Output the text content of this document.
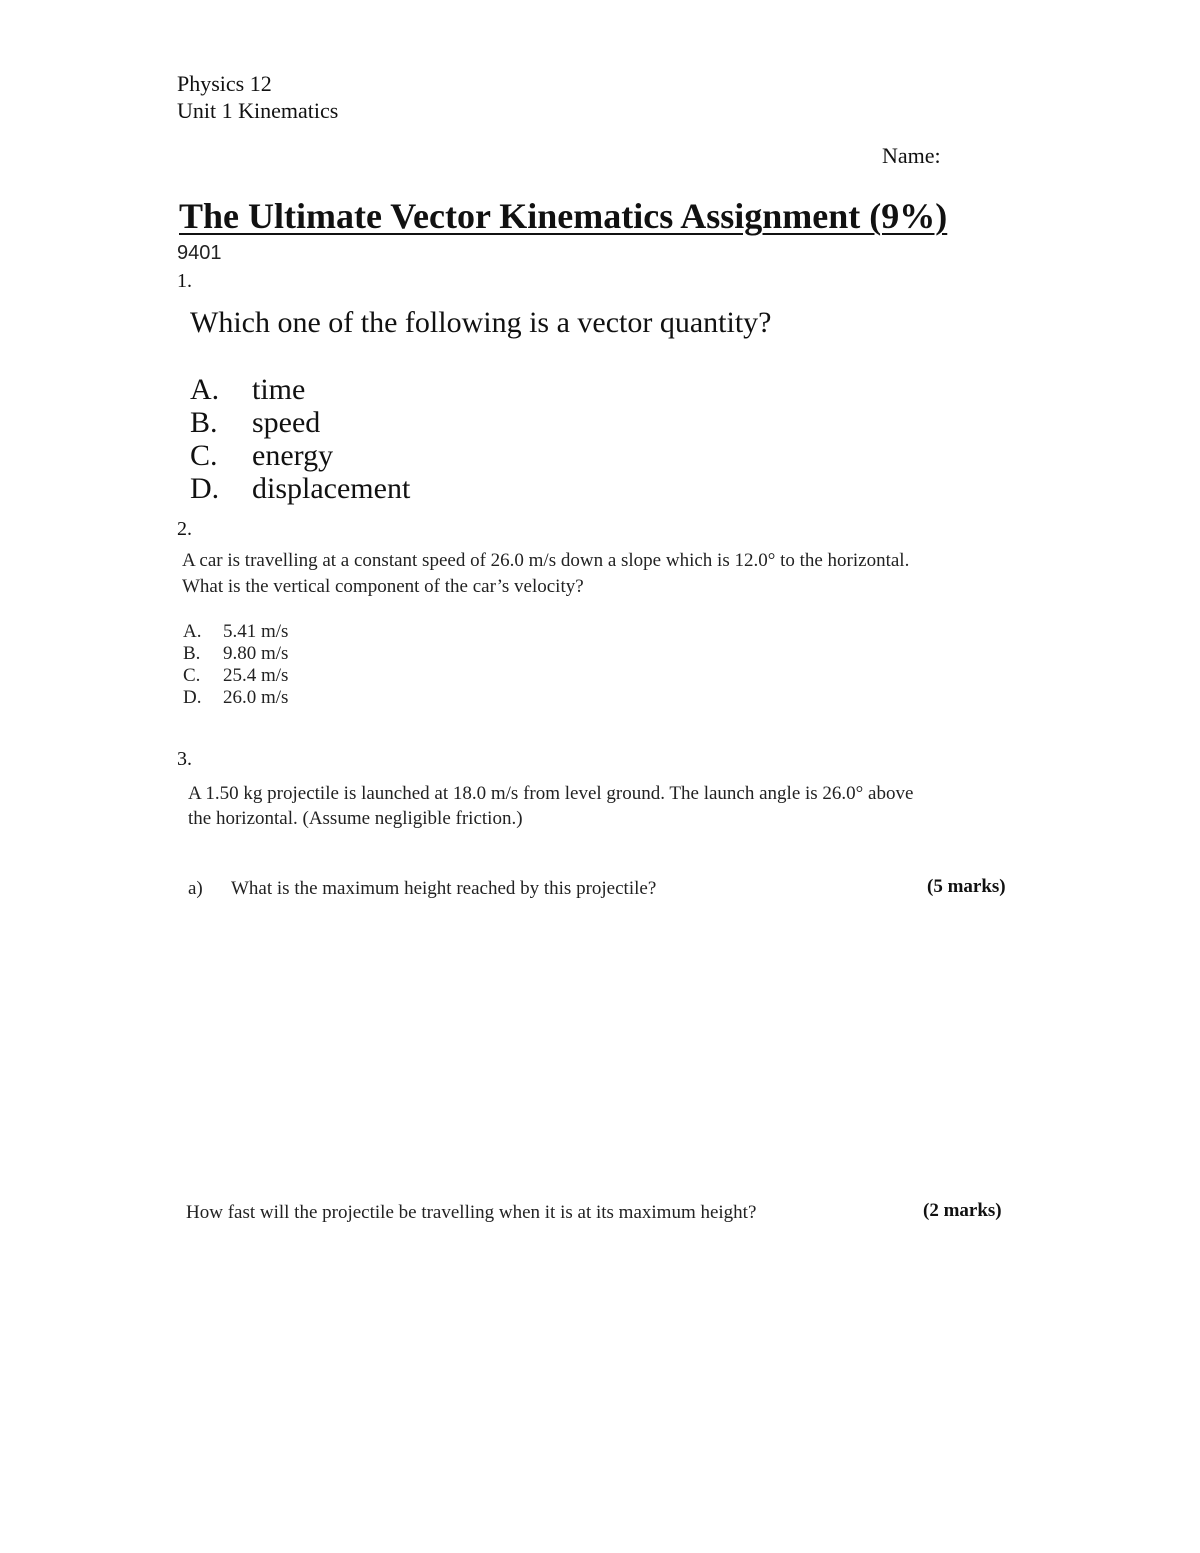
Physics 12
Unit 1 Kinematics
Name:
The Ultimate Vector Kinematics Assignment (9%)
9401
1.
Which one of the following is a vector quantity?
A. time
B. speed
C. energy
D. displacement
2.
A car is travelling at a constant speed of 26.0 m/s down a slope which is 12.0° to the horizontal.
What is the vertical component of the car’s velocity?
A. 5.41 m/s
B. 9.80 m/s
C. 25.4 m/s
D. 26.0 m/s
3.
A 1.50 kg projectile is launched at 18.0 m/s from level ground. The launch angle is 26.0° above
the horizontal. (Assume negligible friction.)
a) What is the maximum height reached by this projectile?	(5 marks)
How fast will the projectile be travelling when it is at its maximum height?	(2 marks)
